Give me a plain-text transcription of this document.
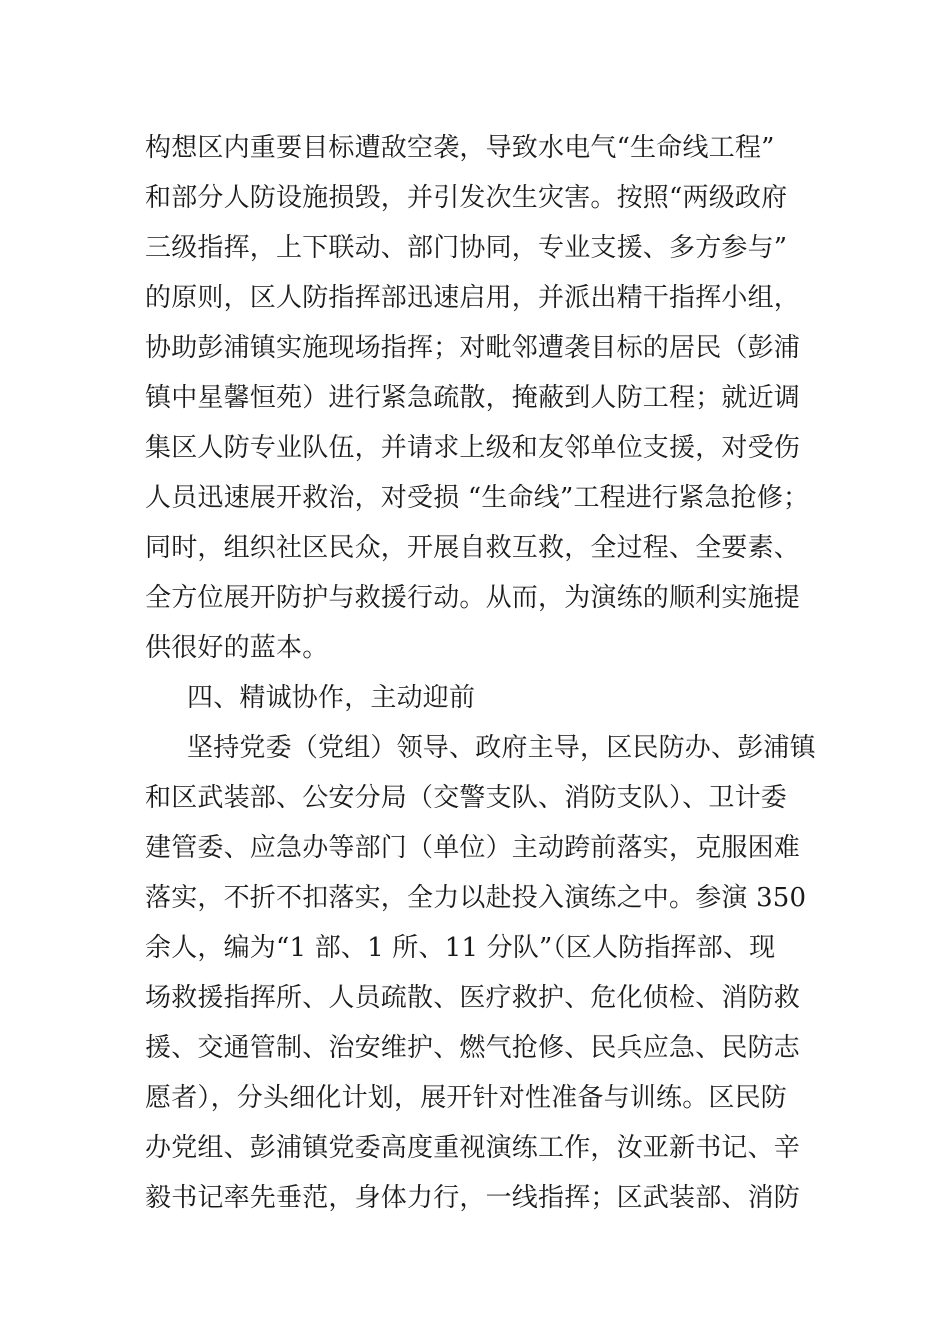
构想区内重要目标遭敌空袭，导致水电气“生命线工程”
和部分人防设施损毁，并引发次生灾害。按照“两级政府
三级指挥，上下联动、部门协同，专业支援、多方参与”
的原则，区人防指挥部迅速启用，并派出精干指挥小组，
协助彭浦镇实施现场指挥；对毗邻遭袭目标的居民（彭浦
镇中星馨恒苑）进行紧急疏散，掩蔽到人防工程；就近调
集区人防专业队伍，并请求上级和友邻单位支援，对受伤
人员迅速展开救治，对受损 “生命线”工程进行紧急抢修；
同时，组织社区民众，开展自救互救，全过程、全要素、
全方位展开防护与救援行动。从而，为演练的顺利实施提
供很好的蓝本。
四、精诚协作，主动迎前
坚持党委（党组）领导、政府主导，区民防办、彭浦镇
和区武装部、公安分局（交警支队、消防支队）、卫计委
建管委、应急办等部门（单位）主动跨前落实，克服困难
落实，不折不扣落实，全力以赴投入演练之中。参演 350
余人，编为“1 部、1 所、11 分队”（区人防指挥部、现
场救援指挥所、人员疏散、医疗救护、危化侦检、消防救
援、交通管制、治安维护、燃气抢修、民兵应急、民防志
愿者），分头细化计划，展开针对性准备与训练。区民防
办党组、彭浦镇党委高度重视演练工作，汝亚新书记、辛
毅书记率先垂范，身体力行，一线指挥；区武装部、消防
